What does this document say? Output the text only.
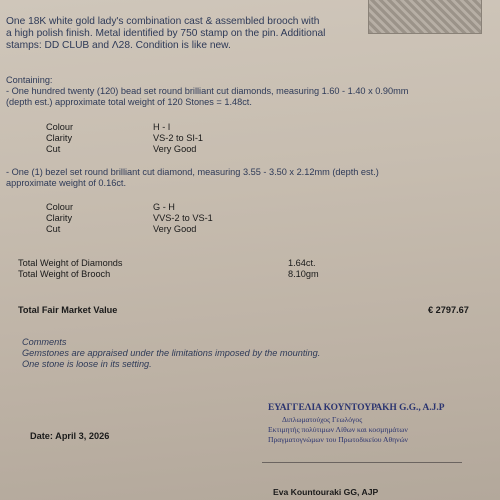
One 18K white gold lady's combination cast & assembled brooch with

a high polish finish. Metal identified by 750 stamp on the pin. Additional

stamps: DD CLUB and Λ28. Condition is like new.

Containing:

- One hundred twenty (120) bead set round brilliant cut diamonds, measuring 1.60 - 1.40 x 0.90mm

(depth est.) approximate total weight of 120 Stones = 1.48ct.

Colour	H - I

Clarity	VS-2 to SI-1

Cut	Very Good

- One (1) bezel set round brilliant cut diamond, measuring 3.55 - 3.50 x 2.12mm (depth est.)

approximate weight of 0.16ct.

Colour	G - H

Clarity	VVS-2 to VS-1

Cut	Very Good

Total Weight of Diamonds	1.64ct.

Total Weight of Brooch	8.10gm

Total Fair Market Value	€ 2797.67

Comments

Gemstones are appraised under the limitations imposed by the mounting.

One stone is loose in its setting.

ΕΥΑΓΓΕΛΙΑ ΚΟΥΝΤΟΥΡΑΚΗ G.G., A.J.P

Διπλωματούχος Γεωλόγος

Εκτιμητής πολύτιμων Λίθων και κοσμημάτων

Πραγματογνώμων του Πρωτοδικείου Αθηνών

Date: April 3, 2026

Eva Kountouraki GG, AJP
